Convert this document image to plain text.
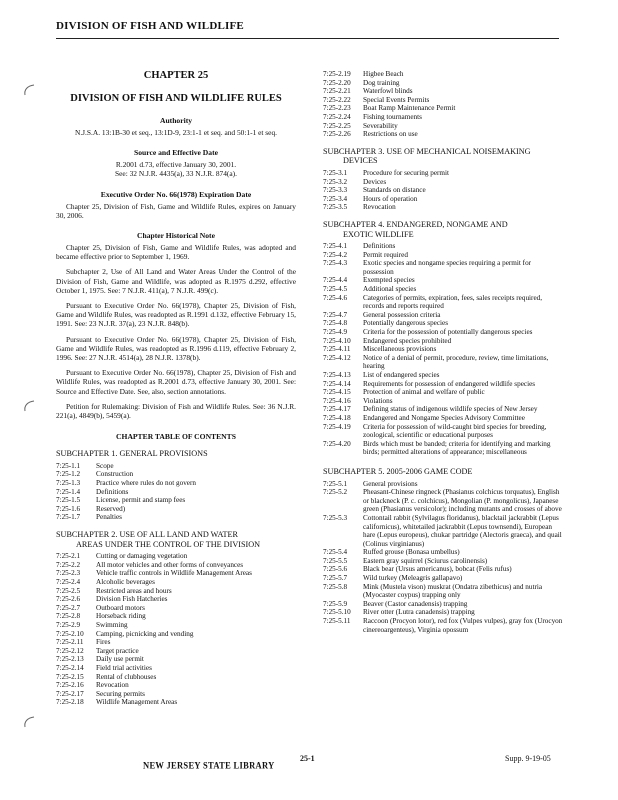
DIVISION OF FISH AND WILDLIFE
CHAPTER 25
DIVISION OF FISH AND WILDLIFE RULES
Authority

N.J.S.A. 13:1B-30 et seq., 13:1D-9, 23:1-1 et seq. and 50:1-1 et seq.

Source and Effective Date

R.2001 d.73, effective January 30, 2001.

See: 32 N.J.R. 4435(a), 33 N.J.R. 874(a).

Executive Order No. 66(1978) Expiration Date

Chapter 25, Division of Fish, Game and Wildlife Rules, expires on January 30, 2006.

Chapter Historical Note

Chapter 25, Division of Fish, Game and Wildlife Rules, was adopted and became effective prior to September 1, 1969.

Subchapter 2, Use of All Land and Water Areas Under the Control of the Division of Fish, Game and Wildlife, was adopted as R.1975 d.292, effective October 1, 1975. See: 7 N.J.R. 411(a), 7 N.J.R. 499(c).

Pursuant to Executive Order No. 66(1978), Chapter 25, Division of Fish, Game and Wildlife Rules, was readopted as R.1991 d.132, effective February 15, 1991. See: 23 N.J.R. 37(a), 23 N.J.R. 848(b).

Pursuant to Executive Order No. 66(1978), Chapter 25, Division of Fish, Game and Wildlife Rules, was readopted as R.1996 d.119, effective February 2, 1996. See: 27 N.J.R. 4514(a), 28 N.J.R. 1378(b).

Pursuant to Executive Order No. 66(1978), Chapter 25, Division of Fish and Wildlife Rules, was readopted as R.2001 d.73, effective January 30, 2001. See: Source and Effective Date. See, also, section annotations.

Petition for Rulemaking: Division of Fish and Wildlife Rules. See: 36 N.J.R. 221(a), 4849(b), 5459(a).

CHAPTER TABLE OF CONTENTS
SUBCHAPTER 1. GENERAL PROVISIONS
7:25-1.1	Scope
7:25-1.2	Construction
7:25-1.3	Practice where rules do not govern
7:25-1.4	Definitions
7:25-1.5	License, permit and stamp fees
7:25-1.6	Reserved)
7:25-1.7	Penalties
SUBCHAPTER 2. USE OF ALL LAND AND WATER
AREAS UNDER THE CONTROL OF THE DIVISION
7:25-2.1	Cutting or damaging vegetation
7:25-2.2	All motor vehicles and other forms of conveyances
7:25-2.3	Vehicle traffic controls in Wildlife Management Areas
7:25-2.4	Alcoholic beverages
7:25-2.5	Restricted areas and hours
7:25-2.6	Division Fish Hatcheries
7:25-2.7	Outboard motors
7:25-2.8	Horseback riding
7:25-2.9	Swimming
7:25-2.10	Camping, picnicking and vending
7:25-2.11	Fires
7:25-2.12	Target practice
7:25-2.13	Daily use permit
7:25-2.14	Field trial activities
7:25-2.15	Rental of clubhouses
7:25-2.16	Revocation
7:25-2.17	Securing permits
7:25-2.18	Wildlife Management Areas
7:25-2.19	Higbee Beach
7:25-2.20	Dog training
7:25-2.21	Waterfowl blinds
7:25-2.22	Special Events Permits
7:25-2.23	Boat Ramp Maintenance Permit
7:25-2.24	Fishing tournaments
7:25-2.25	Severability
7:25-2.26	Restrictions on use
SUBCHAPTER 3. USE OF MECHANICAL NOISEMAKING
DEVICES
7:25-3.1	Procedure for securing permit
7:25-3.2	Devices
7:25-3.3	Standards on distance
7:25-3.4	Hours of operation
7:25-3.5	Revocation
SUBCHAPTER 4. ENDANGERED, NONGAME AND
EXOTIC WILDLIFE
7:25-4.1	Definitions
7:25-4.2	Permit required
7:25-4.3	Exotic species and nongame species requiring a permit for possession
7:25-4.4	Exempted species
7:25-4.5	Additional species
7:25-4.6	Categories of permits, expiration, fees, sales receipts required, records and reports required
7:25-4.7	General possession criteria
7:25-4.8	Potentially dangerous species
7:25-4.9	Criteria for the possession of potentially dangerous species
7:25-4.10	Endangered species prohibited
7:25-4.11	Miscellaneous provisions
7:25-4.12	Notice of a denial of permit, procedure, review, time limitations, hearing
7:25-4.13	List of endangered species
7:25-4.14	Requirements for possession of endangered wildlife species
7:25-4.15	Protection of animal and welfare of public
7:25-4.16	Violations
7:25-4.17	Defining status of indigenous wildlife species of New Jersey
7:25-4.18	Endangered and Nongame Species Advisory Committee
7:25-4.19	Criteria for possession of wild-caught bird species for breeding, zoological, scientific or educational purposes
7:25-4.20	Birds which must be banded; criteria for identifying and marking birds; permitted alterations of appearance; miscellaneous
SUBCHAPTER 5. 2005-2006 GAME CODE
7:25-5.1	General provisions
7:25-5.2	Pheasant-Chinese ringneck (Phasianus colchicus torquatus), English or blackneck (P. c. colchicus), Mongolian (P. mongolicus), Japanese green (Phasianus versicolor); including mutants and crosses of above
7:25-5.3	Cottontail rabbit (Sylvilagus floridanus), blacktail jackrabbit (Lepus californicus), whitetailed jackrabbit (Lepus townsendi), European hare (Lepus europeus), chukar partridge (Alectoris graeca), and quail (Colinus virginianus)
7:25-5.4	Ruffed grouse (Bonasa umbellus)
7:25-5.5	Eastern gray squirrel (Sciurus carolinensis)
7:25-5.6	Black bear (Ursus americanus), bobcat (Felis rufus)
7:25-5.7	Wild turkey (Meleagris gallapavo)
7:25-5.8	Mink (Mustela vison) muskrat (Ondatra zibethicus) and nutria (Myocaster coypus) trapping only
7:25-5.9	Beaver (Castor canadensis) trapping
7:25-5.10	River otter (Lutra canadensis) trapping
7:25-5.11	Raccoon (Procyon lotor), red fox (Vulpes vulpes), gray fox (Urocyon cinereoargenteus), Virginia opossum
25-1	Supp. 9-19-05
NEW JERSEY STATE LIBRARY
